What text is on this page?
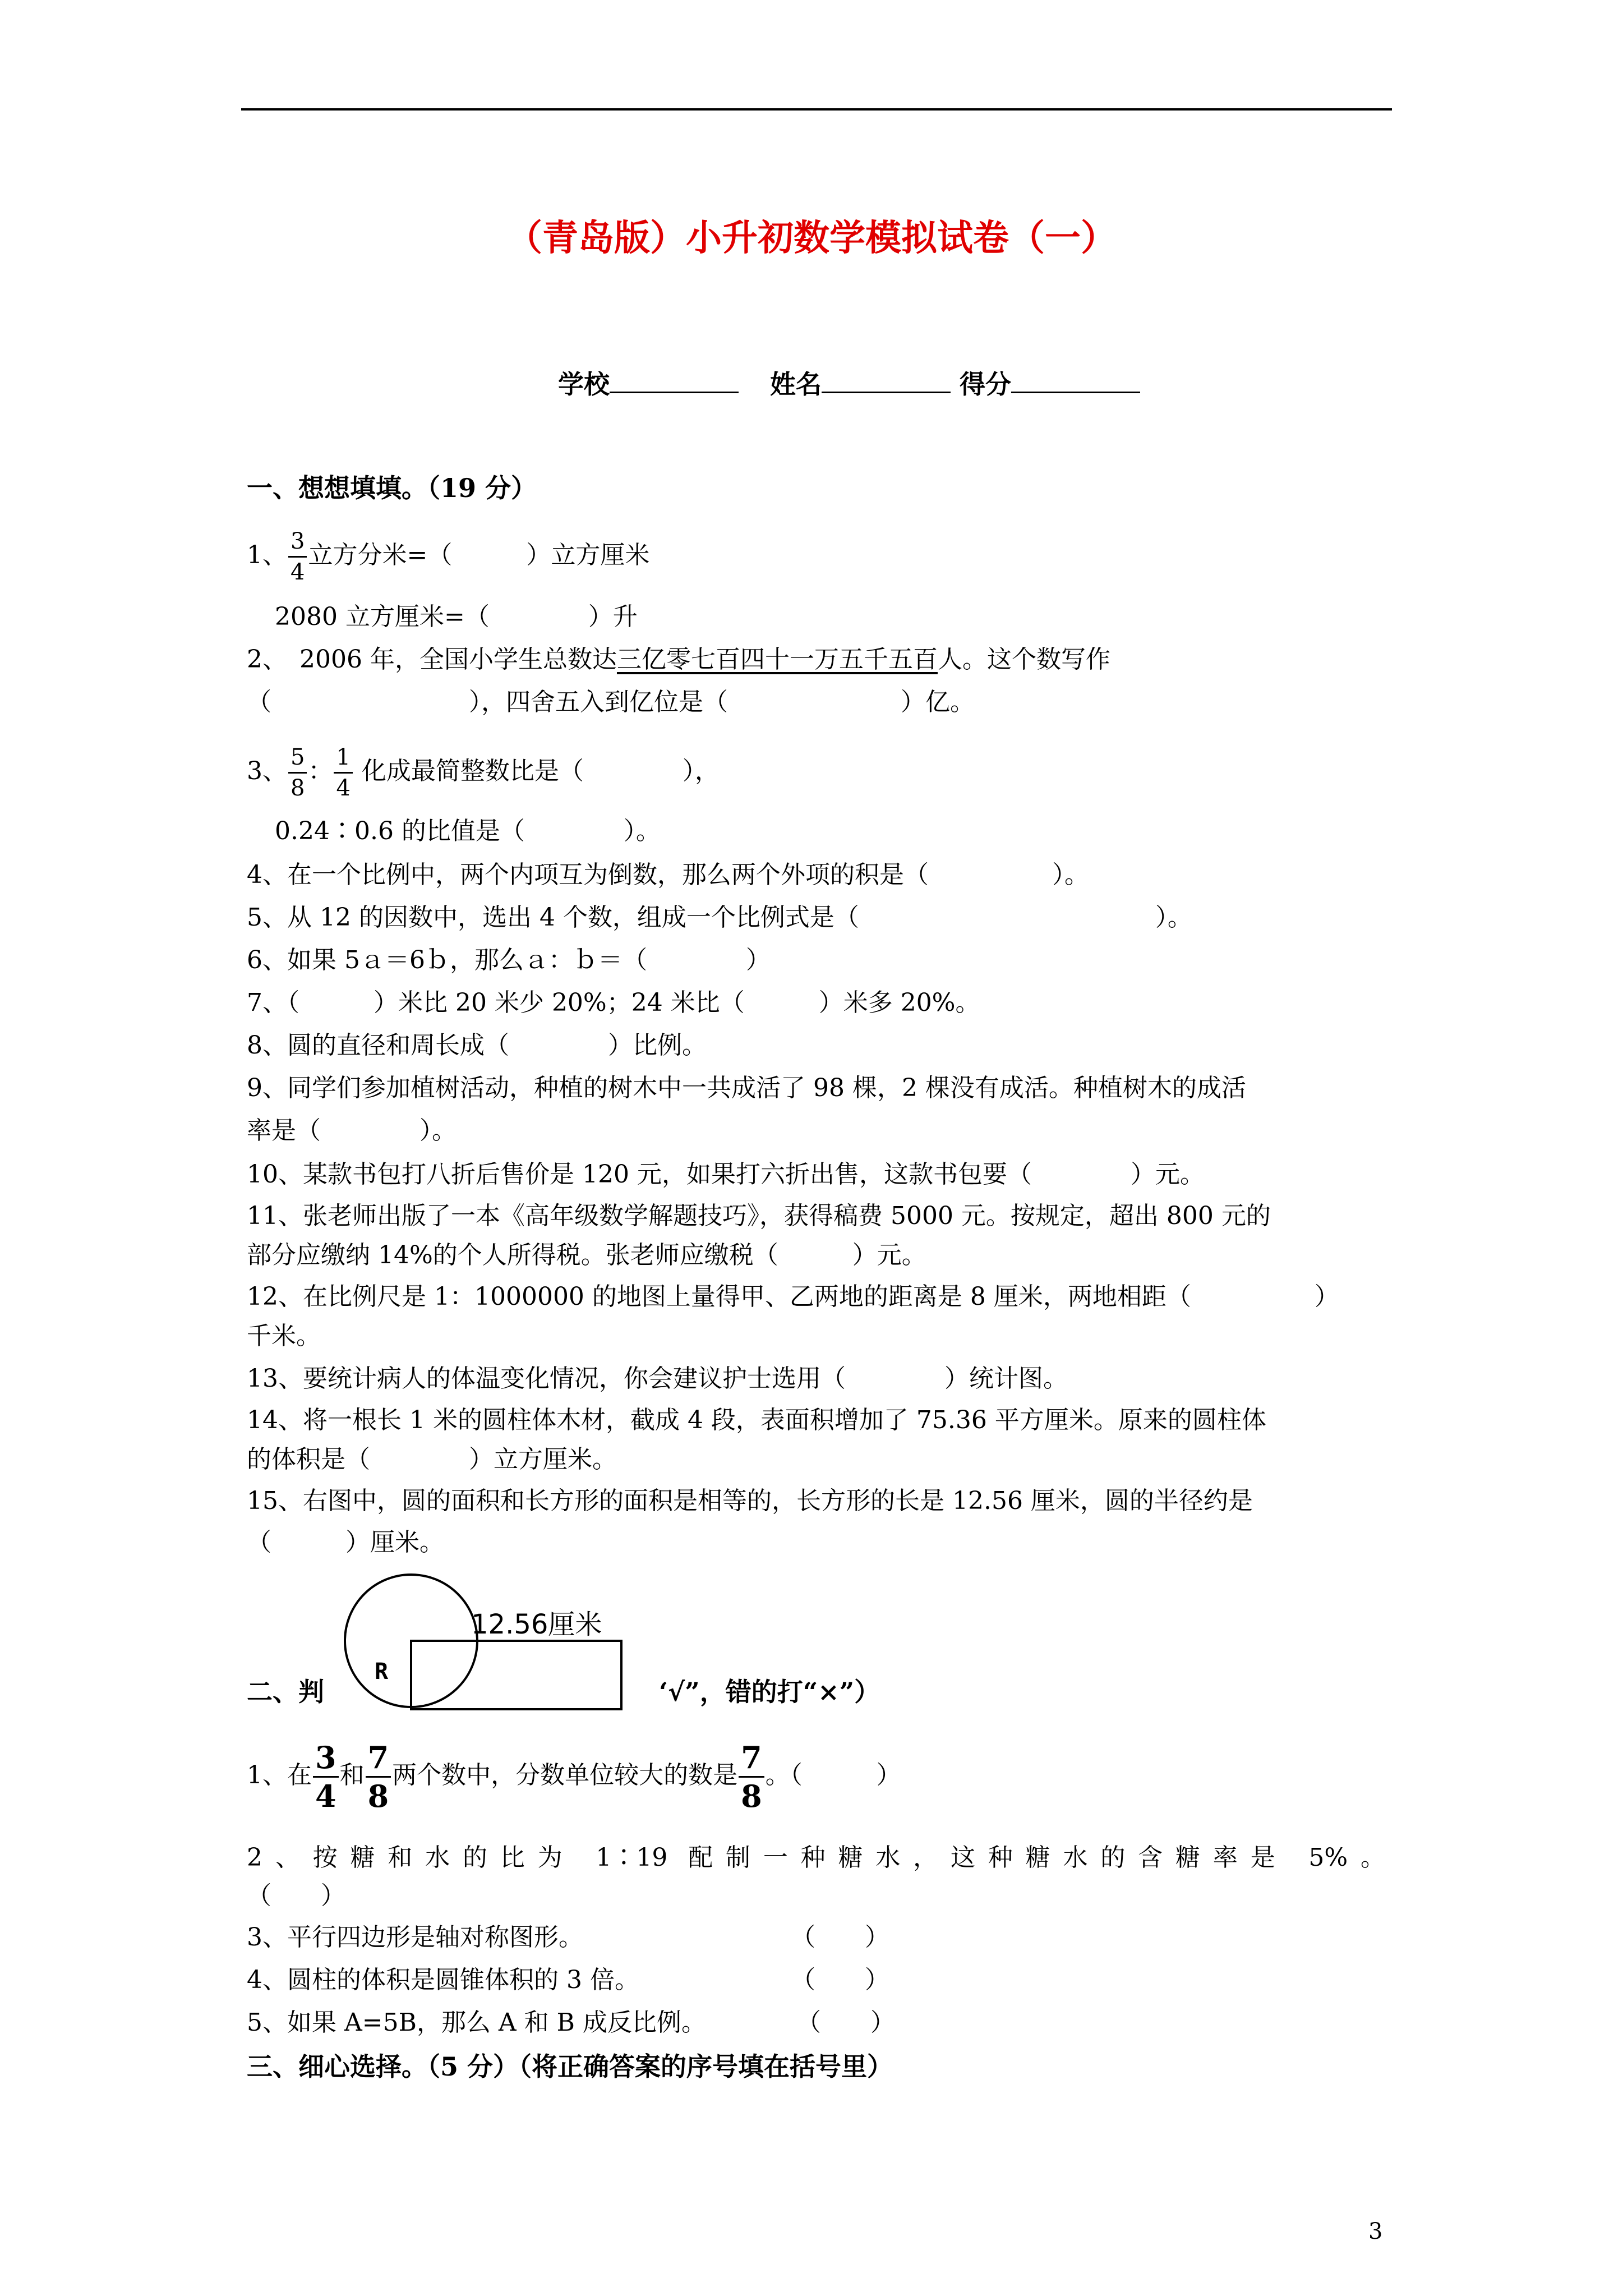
（青岛版）小升初数学模拟试卷（一）
学校	姓名	得分
一、想想填填。（19 分）
1、 $\frac{3}{4}$ 立方分米=（　　　）立方厘米
2080 立方厘米=（　　　　）升
2、　2006 年，全国小学生总数达三亿零七百四十一万五千五百人。这个数写作
（　　　　　　　　），四舍五入到亿位是（　　　　　　　）亿。
3、 $\frac{5}{8}$ ： $\frac{1}{4}$ 化成最简整数比是（　　　　），
0.24∶0.6 的比值是（　　　　）。
4、在一个比例中，两个内项互为倒数，那么两个外项的积是（　　　　　）。
5、从 12 的因数中，选出 4 个数，组成一个比例式是（　　　　　　　　　　　　）。
6、如果 5ａ＝6ｂ，那么ａ：ｂ＝（　　　　）
7、（　　　）米比 20 米少 20%；24 米比（　　　）米多 20%。
8、圆的直径和周长成（　　　　）比例。
9、同学们参加植树活动，种植的树木中一共成活了 98 棵，2 棵没有成活。种植树木的成活
率是（　　　　）。
10、某款书包打八折后售价是 120 元，如果打六折出售，这款书包要（　　　　）元。
11、张老师出版了一本《高年级数学解题技巧》，获得稿费 5000 元。按规定，超出 800 元的
部分应缴纳 14%的个人所得税。张老师应缴税（　　　）元。
12、在比例尺是 1：1000000 的地图上量得甲、乙两地的距离是 8 厘米，两地相距（　　　　　）
千米。
13、要统计病人的体温变化情况，你会建议护士选用（　　　　）统计图。
14、将一根长 1 米的圆柱体木材，截成 4 段，表面积增加了 75.36 平方厘米。原来的圆柱体
的体积是（　　　　）立方厘米。
15、右图中，圆的面积和长方形的面积是相等的，长方形的长是 12.56 厘米，圆的半径约是
（　　　）厘米。
二、判	‘√”，错的打“×”）
R
12.56厘米
1、在 $\frac{3}{4}$ 和 $\frac{7}{8}$ 两个数中，分数单位较大的数是 $\frac{7}{8}$ 。（　　　）
2、按糖和水的比为 1∶19 配制一种糖水，这种糖水的含糖率是 5%。
（　　）
3、平行四边形是轴对称图形。	（　　）
4、圆柱的体积是圆锥体积的 3 倍。	（　　）
5、如果 A=5B，那么 A 和 B 成反比例。	（　　）
三、细心选择。（5 分）（将正确答案的序号填在括号里）
3
